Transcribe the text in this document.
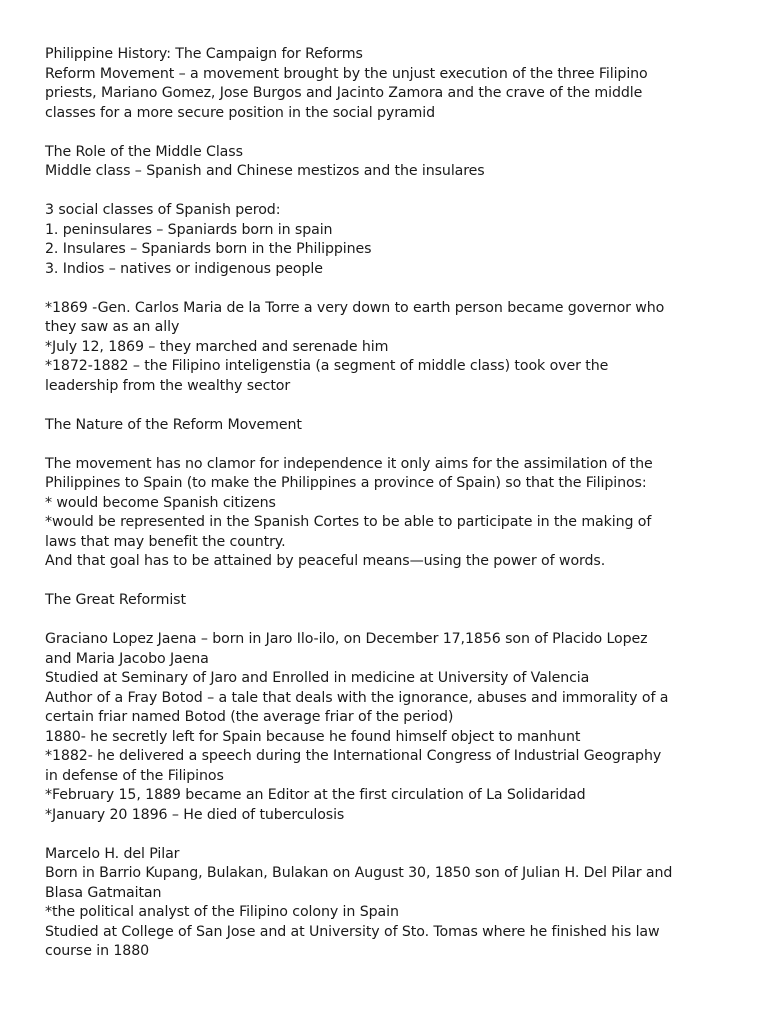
Philippine History: The Campaign for Reforms
Reform Movement – a movement brought by the unjust execution of the three Filipino
priests, Mariano Gomez, Jose Burgos and Jacinto Zamora and the crave of the middle
classes for a more secure position in the social pyramid
The Role of the Middle Class
Middle class – Spanish and Chinese mestizos and the insulares
3 social classes of Spanish perod:
1. peninsulares – Spaniards born in spain
2. Insulares – Spaniards born in the Philippines
3. Indios – natives or indigenous people
*1869 -Gen. Carlos Maria de la Torre a very down to earth person became governor who
they saw as an ally
*July 12, 1869 – they marched and serenade him
*1872-1882 – the Filipino inteligenstia (a segment of middle class) took over the
leadership from the wealthy sector
The Nature of the Reform Movement
The movement has no clamor for independence it only aims for the assimilation of the
Philippines to Spain (to make the Philippines a province of Spain) so that the Filipinos:
* would become Spanish citizens
*would be represented in the Spanish Cortes to be able to participate in the making of
laws that may benefit the country.
And that goal has to be attained by peaceful means—using the power of words.
The Great Reformist
Graciano Lopez Jaena – born in Jaro Ilo-ilo, on December 17,1856 son of Placido Lopez
and Maria Jacobo Jaena
Studied at Seminary of Jaro and Enrolled in medicine at University of Valencia
Author of a Fray Botod – a tale that deals with the ignorance, abuses and immorality of a
certain friar named Botod (the average friar of the period)
1880- he secretly left for Spain because he found himself object to manhunt
*1882- he delivered a speech during the International Congress of Industrial Geography
in defense of the Filipinos
*February 15, 1889 became an Editor at the first circulation of La Solidaridad
*January 20 1896 – He died of tuberculosis
Marcelo H. del Pilar
Born in Barrio Kupang, Bulakan, Bulakan on August 30, 1850 son of Julian H. Del Pilar and
Blasa Gatmaitan
*the political analyst of the Filipino colony in Spain
Studied at College of San Jose and at University of Sto. Tomas where he finished his law
course in 1880
